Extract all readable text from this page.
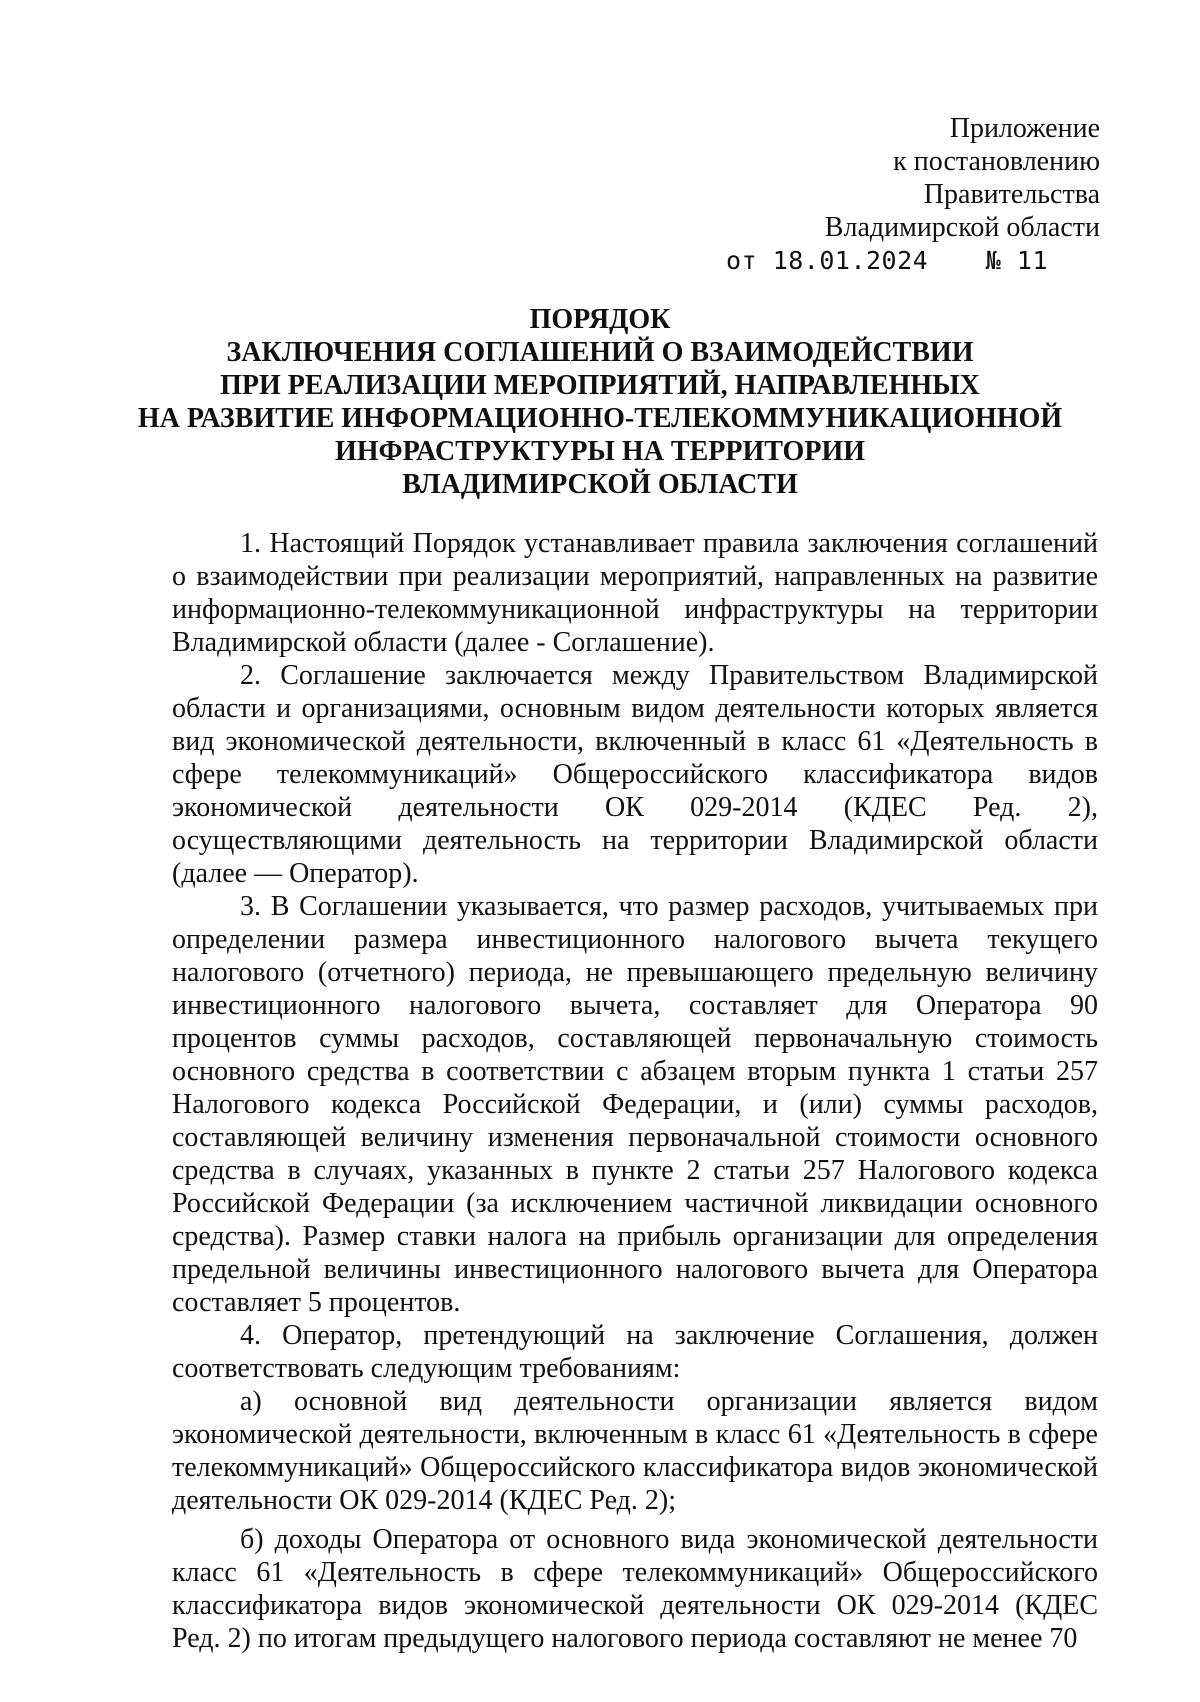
Приложение
к постановлению
Правительства
Владимирской области
от 18.01.2024 № 11
ПОРЯДОК
ЗАКЛЮЧЕНИЯ СОГЛАШЕНИЙ О ВЗАИМОДЕЙСТВИИ
ПРИ РЕАЛИЗАЦИИ МЕРОПРИЯТИЙ, НАПРАВЛЕННЫХ
НА РАЗВИТИЕ ИНФОРМАЦИОННО-ТЕЛЕКОММУНИКАЦИОННОЙ
ИНФРАСТРУКТУРЫ НА ТЕРРИТОРИИ
ВЛАДИМИРСКОЙ ОБЛАСТИ

1. Настоящий Порядок устанавливает правила заключения соглашений о взаимодействии при реализации мероприятий, направленных на развитие информационно-телекоммуникационной инфраструктуры на территории Владимирской области (далее - Соглашение).

2. Соглашение заключается между Правительством Владимирской области и организациями, основным видом деятельности которых является вид экономической деятельности, включенный в класс 61 «Деятельность в сфере телекоммуникаций» Общероссийского классификатора видов экономической деятельности ОК 029-2014 (КДЕС Ред. 2), осуществляющими деятельность на территории Владимирской области (далее — Оператор).

3. В Соглашении указывается, что размер расходов, учитываемых при определении размера инвестиционного налогового вычета текущего налогового (отчетного) периода, не превышающего предельную величину инвестиционного налогового вычета, составляет для Оператора 90 процентов суммы расходов, составляющей первоначальную стоимость основного средства в соответствии с абзацем вторым пункта 1 статьи 257 Налогового кодекса Российской Федерации, и (или) суммы расходов, составляющей величину изменения первоначальной стоимости основного средства в случаях, указанных в пункте 2 статьи 257 Налогового кодекса Российской Федерации (за исключением частичной ликвидации основного средства). Размер ставки налога на прибыль организации для определения предельной величины инвестиционного налогового вычета для Оператора составляет 5 процентов.

4. Оператор, претендующий на заключение Соглашения, должен соответствовать следующим требованиям:

а) основной вид деятельности организации является видом экономической деятельности, включенным в класс 61 «Деятельность в сфере телекоммуникаций» Общероссийского классификатора видов экономической деятельности ОК 029-2014 (КДЕС Ред. 2);

б) доходы Оператора от основного вида экономической деятельности класс 61 «Деятельность в сфере телекоммуникаций» Общероссийского классификатора видов экономической деятельности ОК 029-2014 (КДЕС Ред. 2) по итогам предыдущего налогового периода составляют не менее 70
